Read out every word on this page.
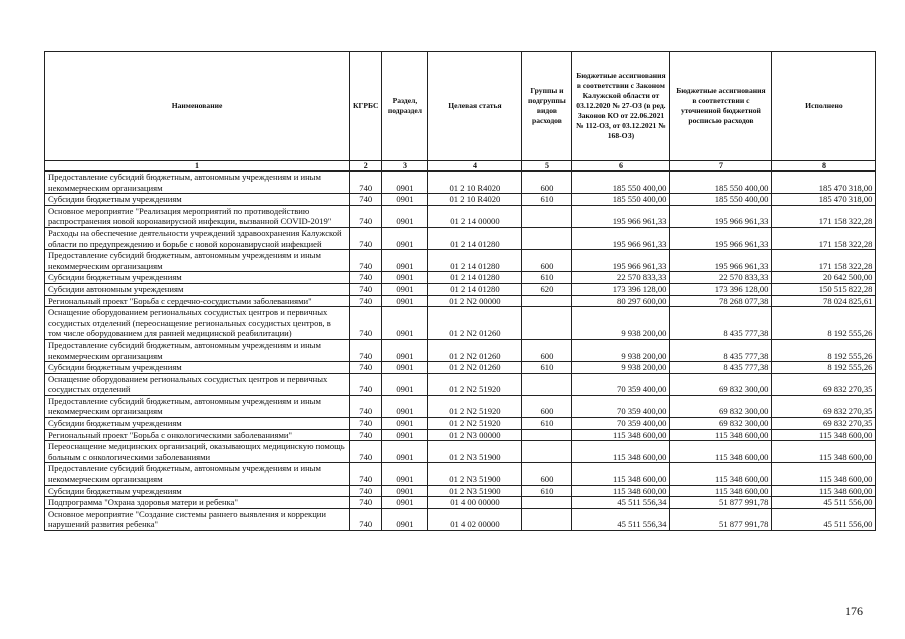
Наименование	КГРБС	Раздел, подраздел	Целевая статья	Группы и подгруппы видов расходов	Бюджетные ассигнования в соответствии с Законом Калужской области от 03.12.2020 № 27-ОЗ (в ред. Законов КО от 22.06.2021 № 112-ОЗ, от 03.12.2021 № 168-ОЗ)	Бюджетные ассигнования в соответствии с уточненной бюджетной росписью расходов	Исполнено
1	2	3	4	5	6	7	8
Предоставление субсидий бюджетным, автономным учреждениям и иным некоммерческим организациям	740	0901	01 2 10 R4020	600	185 550 400,00	185 550 400,00	185 470 318,00
Субсидии бюджетным учреждениям	740	0901	01 2 10 R4020	610	185 550 400,00	185 550 400,00	185 470 318,00
Основное мероприятие "Реализация мероприятий по противодействию распространения новой коронавирусной инфекции, вызванной COVID-2019"	740	0901	01 2 14 00000		195 966 961,33	195 966 961,33	171 158 322,28
Расходы на обеспечение деятельности учреждений здравоохранения Калужской области по предупреждению и борьбе с новой коронавирусной инфекцией	740	0901	01 2 14 01280		195 966 961,33	195 966 961,33	171 158 322,28
Предоставление субсидий бюджетным, автономным учреждениям и иным некоммерческим организациям	740	0901	01 2 14 01280	600	195 966 961,33	195 966 961,33	171 158 322,28
Субсидии бюджетным учреждениям	740	0901	01 2 14 01280	610	22 570 833,33	22 570 833,33	20 642 500,00
Субсидии автономным учреждениям	740	0901	01 2 14 01280	620	173 396 128,00	173 396 128,00	150 515 822,28
Региональный проект "Борьба с сердечно-сосудистыми заболеваниями"	740	0901	01 2 N2 00000		80 297 600,00	78 268 077,38	78 024 825,61
Оснащение оборудованием региональных сосудистых центров и первичных сосудистых отделений (переоснащение региональных сосудистых центров, в том числе оборудованием для ранней медицинской реабилитации)	740	0901	01 2 N2 01260		9 938 200,00	8 435 777,38	8 192 555,26
Предоставление субсидий бюджетным, автономным учреждениям и иным некоммерческим организациям	740	0901	01 2 N2 01260	600	9 938 200,00	8 435 777,38	8 192 555,26
Субсидии бюджетным учреждениям	740	0901	01 2 N2 01260	610	9 938 200,00	8 435 777,38	8 192 555,26
Оснащение оборудованием региональных сосудистых центров и первичных сосудистых отделений	740	0901	01 2 N2 51920		70 359 400,00	69 832 300,00	69 832 270,35
Предоставление субсидий бюджетным, автономным учреждениям и иным некоммерческим организациям	740	0901	01 2 N2 51920	600	70 359 400,00	69 832 300,00	69 832 270,35
Субсидии бюджетным учреждениям	740	0901	01 2 N2 51920	610	70 359 400,00	69 832 300,00	69 832 270,35
Региональный проект "Борьба с онкологическими заболеваниями"	740	0901	01 2 N3 00000		115 348 600,00	115 348 600,00	115 348 600,00
Переоснащение медицинских организаций, оказывающих медицинскую помощь больным с онкологическими заболеваниями	740	0901	01 2 N3 51900		115 348 600,00	115 348 600,00	115 348 600,00
Предоставление субсидий бюджетным, автономным учреждениям и иным некоммерческим организациям	740	0901	01 2 N3 51900	600	115 348 600,00	115 348 600,00	115 348 600,00
Субсидии бюджетным учреждениям	740	0901	01 2 N3 51900	610	115 348 600,00	115 348 600,00	115 348 600,00
Подпрограмма "Охрана здоровья матери и ребенка"	740	0901	01 4 00 00000		45 511 556,34	51 877 991,78	45 511 556,00
Основное мероприятие "Создание системы раннего выявления и коррекции нарушений развития ребенка"	740	0901	01 4 02 00000		45 511 556,34	51 877 991,78	45 511 556,00
176
